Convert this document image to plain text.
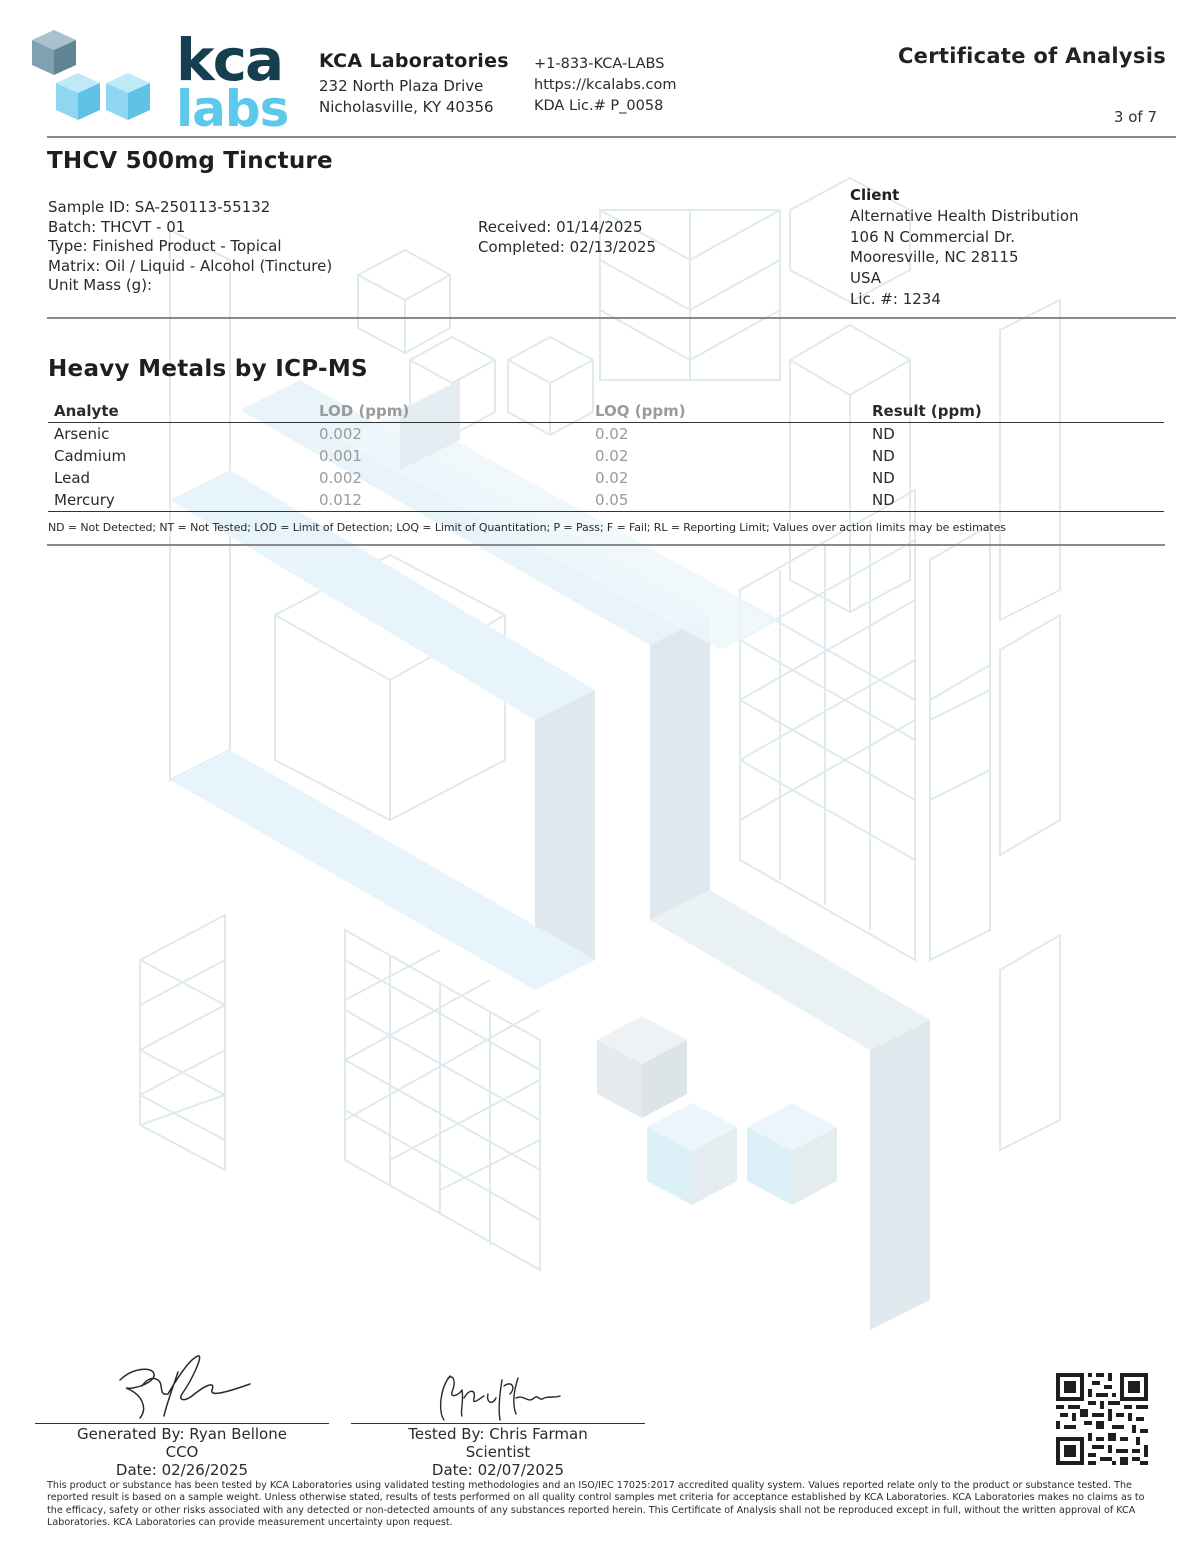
kca
labs
KCA Laboratories
232 North Plaza Drive
Nicholasville, KY 40356
+1-833-KCA-LABS
https://kcalabs.com
KDA Lic.# P_0058
Certificate of Analysis
3 of 7
THCV 500mg Tincture
Sample ID: SA-250113-55132
Batch: THCVT - 01
Type: Finished Product - Topical
Matrix: Oil / Liquid - Alcohol (Tincture)
Unit Mass (g):
Received: 01/14/2025
Completed: 02/13/2025
Client
Alternative Health Distribution
106 N Commercial Dr.
Mooresville, NC 28115
USA
Lic. #: 1234
Heavy Metals by ICP-MS
Analyte	LOD (ppm)	LOQ (ppm)	Result (ppm)
Arsenic	0.002	0.02	ND
Cadmium	0.001	0.02	ND
Lead	0.002	0.02	ND
Mercury	0.012	0.05	ND
ND = Not Detected; NT = Not Tested; LOD = Limit of Detection; LOQ = Limit of Quantitation; P = Pass; F = Fail; RL = Reporting Limit; Values over action limits may be estimates
Generated By: Ryan Bellone
CCO
Date: 02/26/2025
Tested By: Chris Farman
Scientist
Date: 02/07/2025
This product or substance has been tested by KCA Laboratories using validated testing methodologies and an ISO/IEC 17025:2017 accredited quality system. Values reported relate only to the product or substance tested. The reported result is based on a sample weight. Unless otherwise stated, results of tests performed on all quality control samples met criteria for acceptance established by KCA Laboratories. KCA Laboratories makes no claims as to the efficacy, safety or other risks associated with any detected or non-detected amounts of any substances reported herein. This Certificate of Analysis shall not be reproduced except in full, without the written approval of KCA Laboratories. KCA Laboratories can provide measurement uncertainty upon request.
